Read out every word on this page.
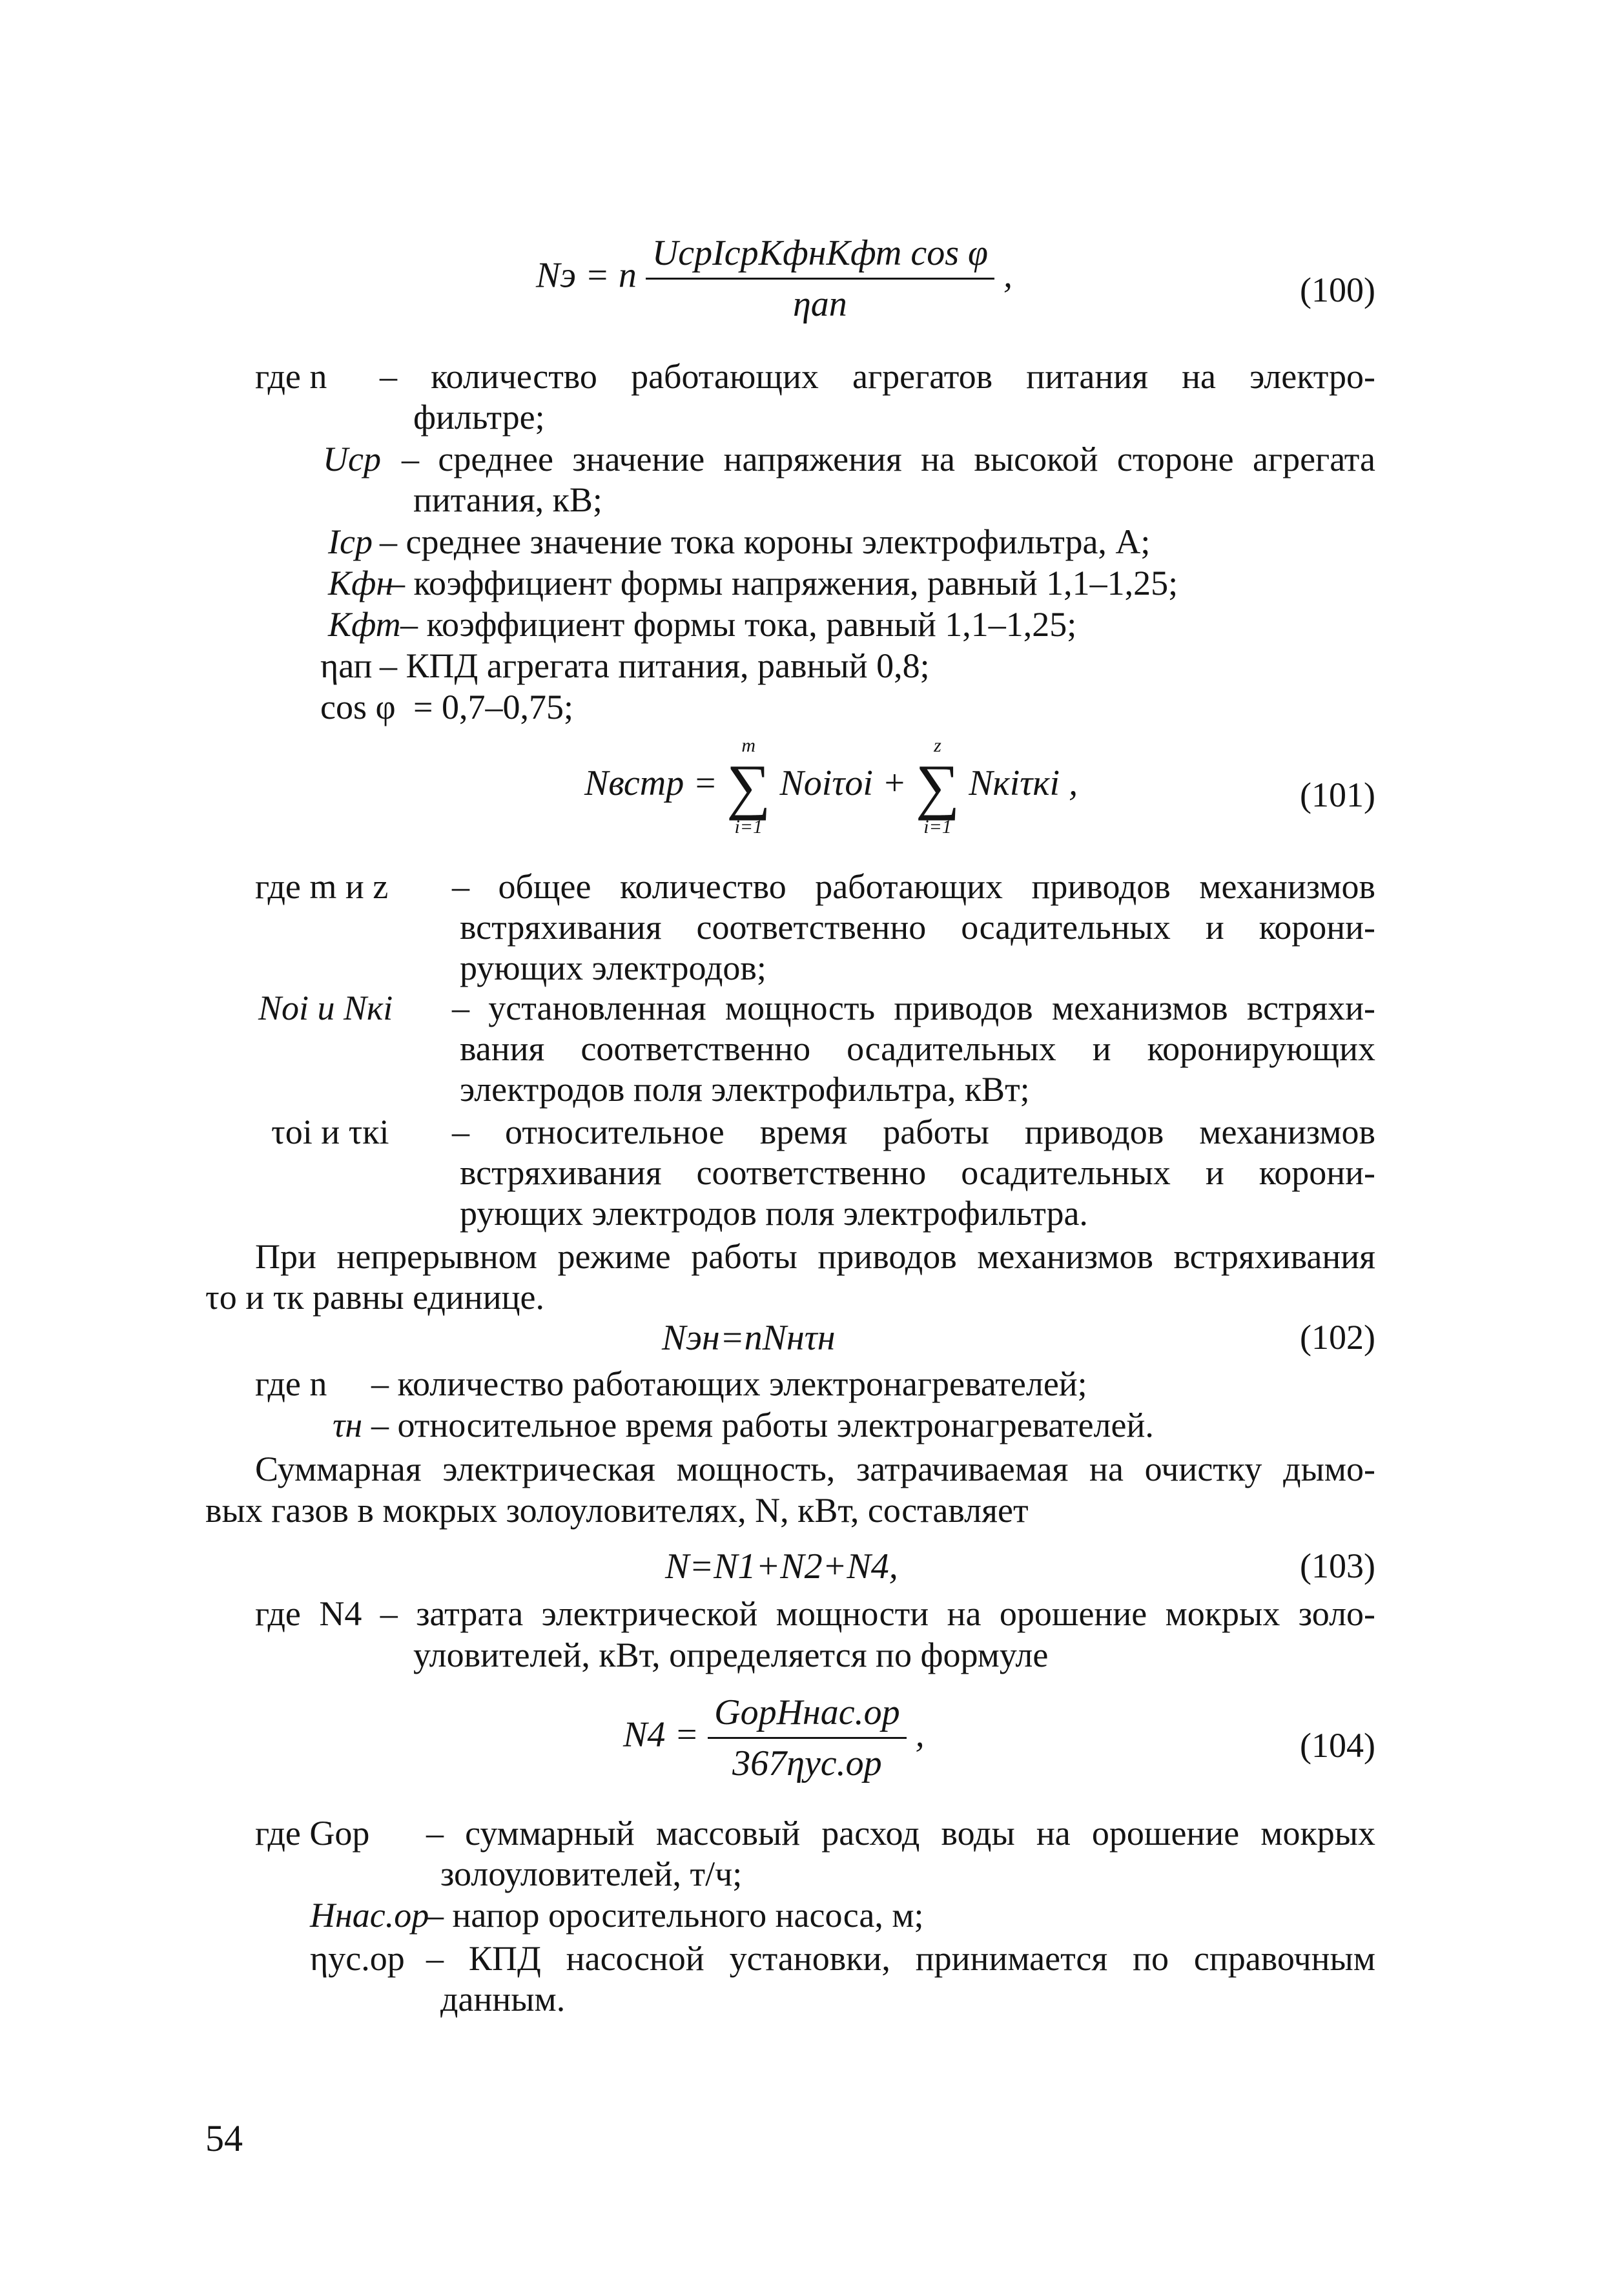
Nэ = n $\frac{\text{UсрIсрKфнKфт cos φ}}{\text{ηап}}$ ,	(100)
где n – количество работающих агрегатов питания на электро-
фильтре;
Uср – среднее значение напряжения на высокой стороне агрегата
питания, кВ;
Iср – среднее значение тока короны электрофильтра, А;
Kфн
– коэффициент формы напряжения, равный 1,1–1,25;
Kфт – коэффициент формы тока, равный 1,1–1,25;
ηап – КПД агрегата питания, равный 0,8;
cos φ = 0,7–0,75;
Nвстр =
m
∑
i=1
Nоiτоi +
z
∑
i=1
Nкiτкi ,	(101)
где m и z – общее количество работающих приводов механизмов
встряхивания соответственно осадительных и корони-
рующих электродов;
Nоi и Nкi – установленная мощность приводов механизмов встряхи-
вания соответственно осадительных и коронирующих
электродов поля электрофильтра, кВт;
τоi и τкi – относительное время работы приводов механизмов
встряхивания соответственно осадительных и корони-
рующих электродов поля электрофильтра.
При непрерывном режиме работы приводов механизмов встряхивания
τо и τк равны единице.
Nэн=nNнτн	(102)
где n – количество работающих электронагревателей;
τн – относительное время работы электронагревателей.
Суммарная электрическая мощность, затрачиваемая на очистку дымо-
вых газов в мокрых золоуловителях, N, кВт, составляет
N=N1+N2+N4,	(103)
где N4 – затрата электрической мощности на орошение мокрых золо-
уловителей, кВт, определяется по формуле
$N4 = \frac{\text{GорHнас.ор}}{\text{367ηус.ор}}$ ,	(104)
где Gор – суммарный массовый расход воды на орошение мокрых
золоуловителей, т/ч;
Hнас.ор
– напор оросительного насоса, м;
ηус.ор – КПД насосной установки, принимается по справочным
данным.
54
